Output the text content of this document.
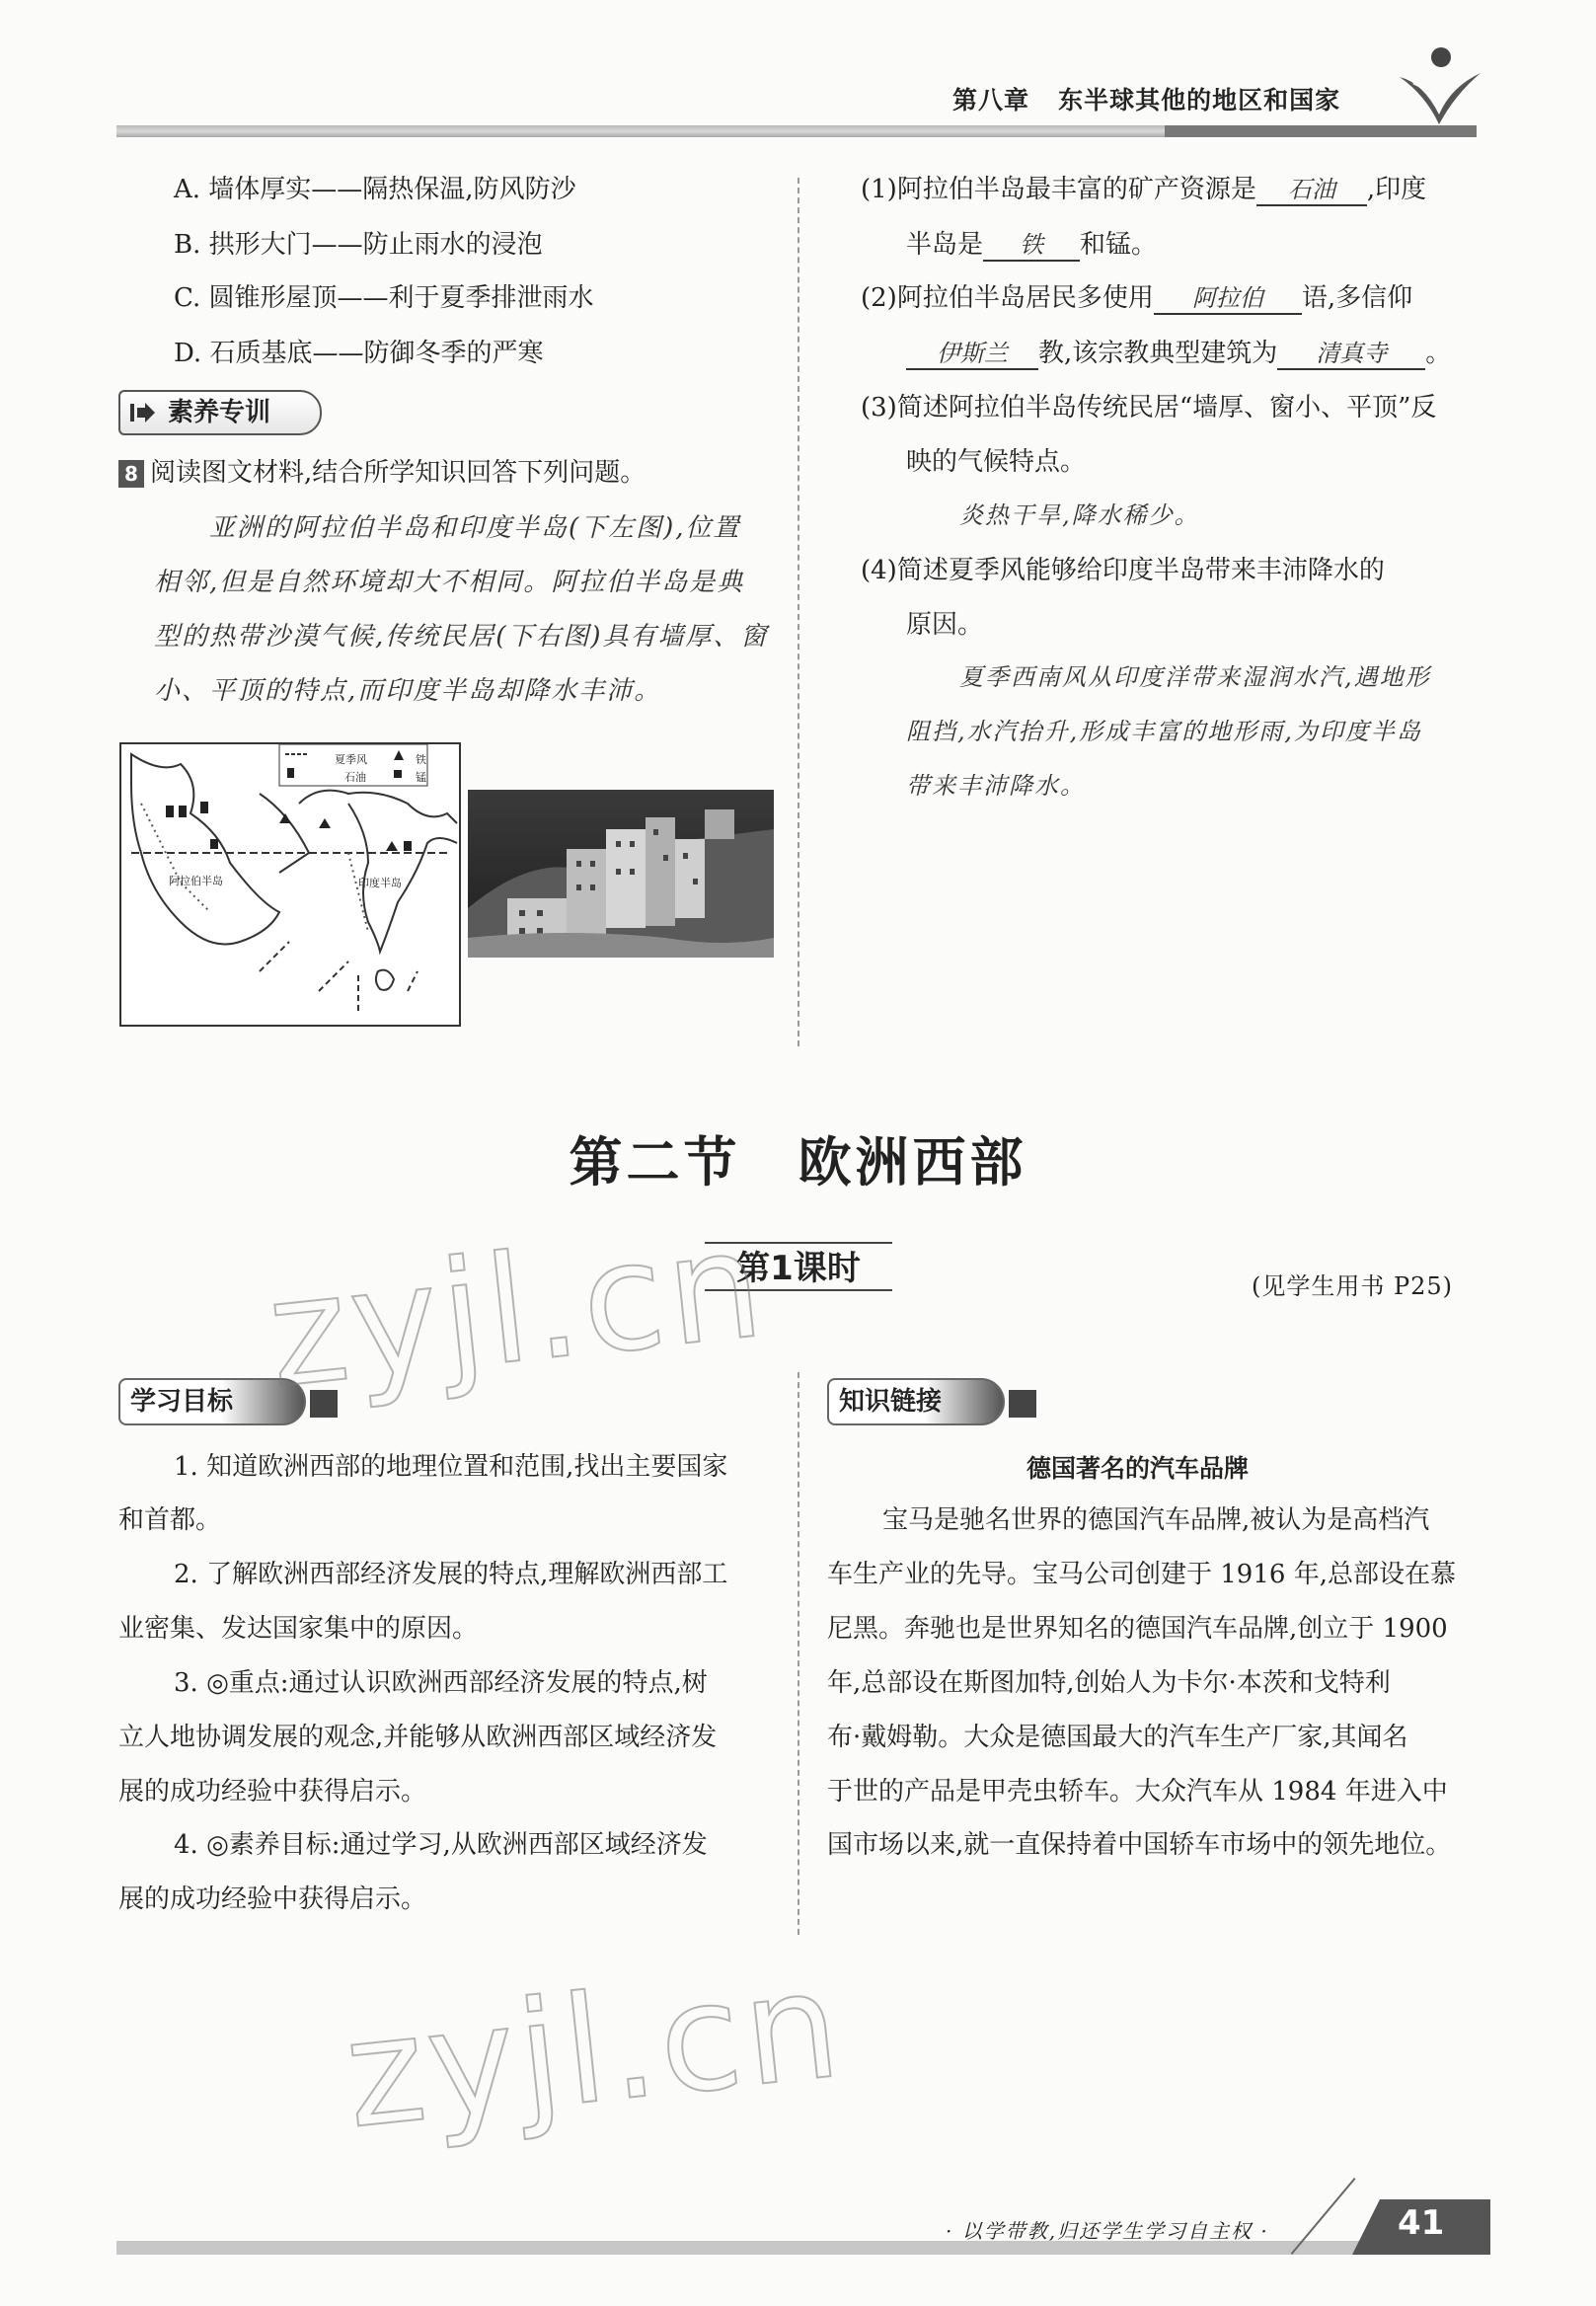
第八章 东半球其他的地区和国家
A. 墙体厚实——隔热保温,防风防沙
B. 拱形大门——防止雨水的浸泡
C. 圆锥形屋顶——利于夏季排泄雨水
D. 石质基底——防御冬季的严寒
素养专训
8 阅读图文材料,结合所学知识回答下列问题。
亚洲的阿拉伯半岛和印度半岛(下左图),位置
相邻,但是自然环境却大不相同。阿拉伯半岛是典
型的热带沙漠气候,传统民居(下右图)具有墙厚、窗
小、平顶的特点,而印度半岛却降水丰沛。
夏季风	铁
石油	锰
阿拉伯半岛	印度半岛
(1)阿拉伯半岛最丰富的矿产资源是 石油 ,印度
半岛是 铁 和锰。
(2)阿拉伯半岛居民多使用 阿拉伯 语,多信仰
伊斯兰 教,该宗教典型建筑为 清真寺 。
(3)简述阿拉伯半岛传统民居“墙厚、窗小、平顶”反
映的气候特点。
炎热干旱,降水稀少。
(4)简述夏季风能够给印度半岛带来丰沛降水的
原因。
夏季西南风从印度洋带来湿润水汽,遇地形
阻挡,水汽抬升,形成丰富的地形雨,为印度半岛
带来丰沛降水。
第二节　欧洲西部
第1课时	(见学生用书 P25)
学习目标
1. 知道欧洲西部的地理位置和范围,找出主要国家
和首都。
2. 了解欧洲西部经济发展的特点,理解欧洲西部工
业密集、发达国家集中的原因。
3. ◎重点:通过认识欧洲西部经济发展的特点,树
立人地协调发展的观念,并能够从欧洲西部区域经济发
展的成功经验中获得启示。
4. ◎素养目标:通过学习,从欧洲西部区域经济发
展的成功经验中获得启示。
知识链接
德国著名的汽车品牌
宝马是驰名世界的德国汽车品牌,被认为是高档汽
车生产业的先导。宝马公司创建于 1916 年,总部设在慕
尼黑。奔驰也是世界知名的德国汽车品牌,创立于 1900
年,总部设在斯图加特,创始人为卡尔·本茨和戈特利
布·戴姆勒。大众是德国最大的汽车生产厂家,其闻名
于世的产品是甲壳虫轿车。大众汽车从 1984 年进入中
国市场以来,就一直保持着中国轿车市场中的领先地位。
zyjl.cn
zyjl.cn
· 以学带教,归还学生学习自主权 ·	41
